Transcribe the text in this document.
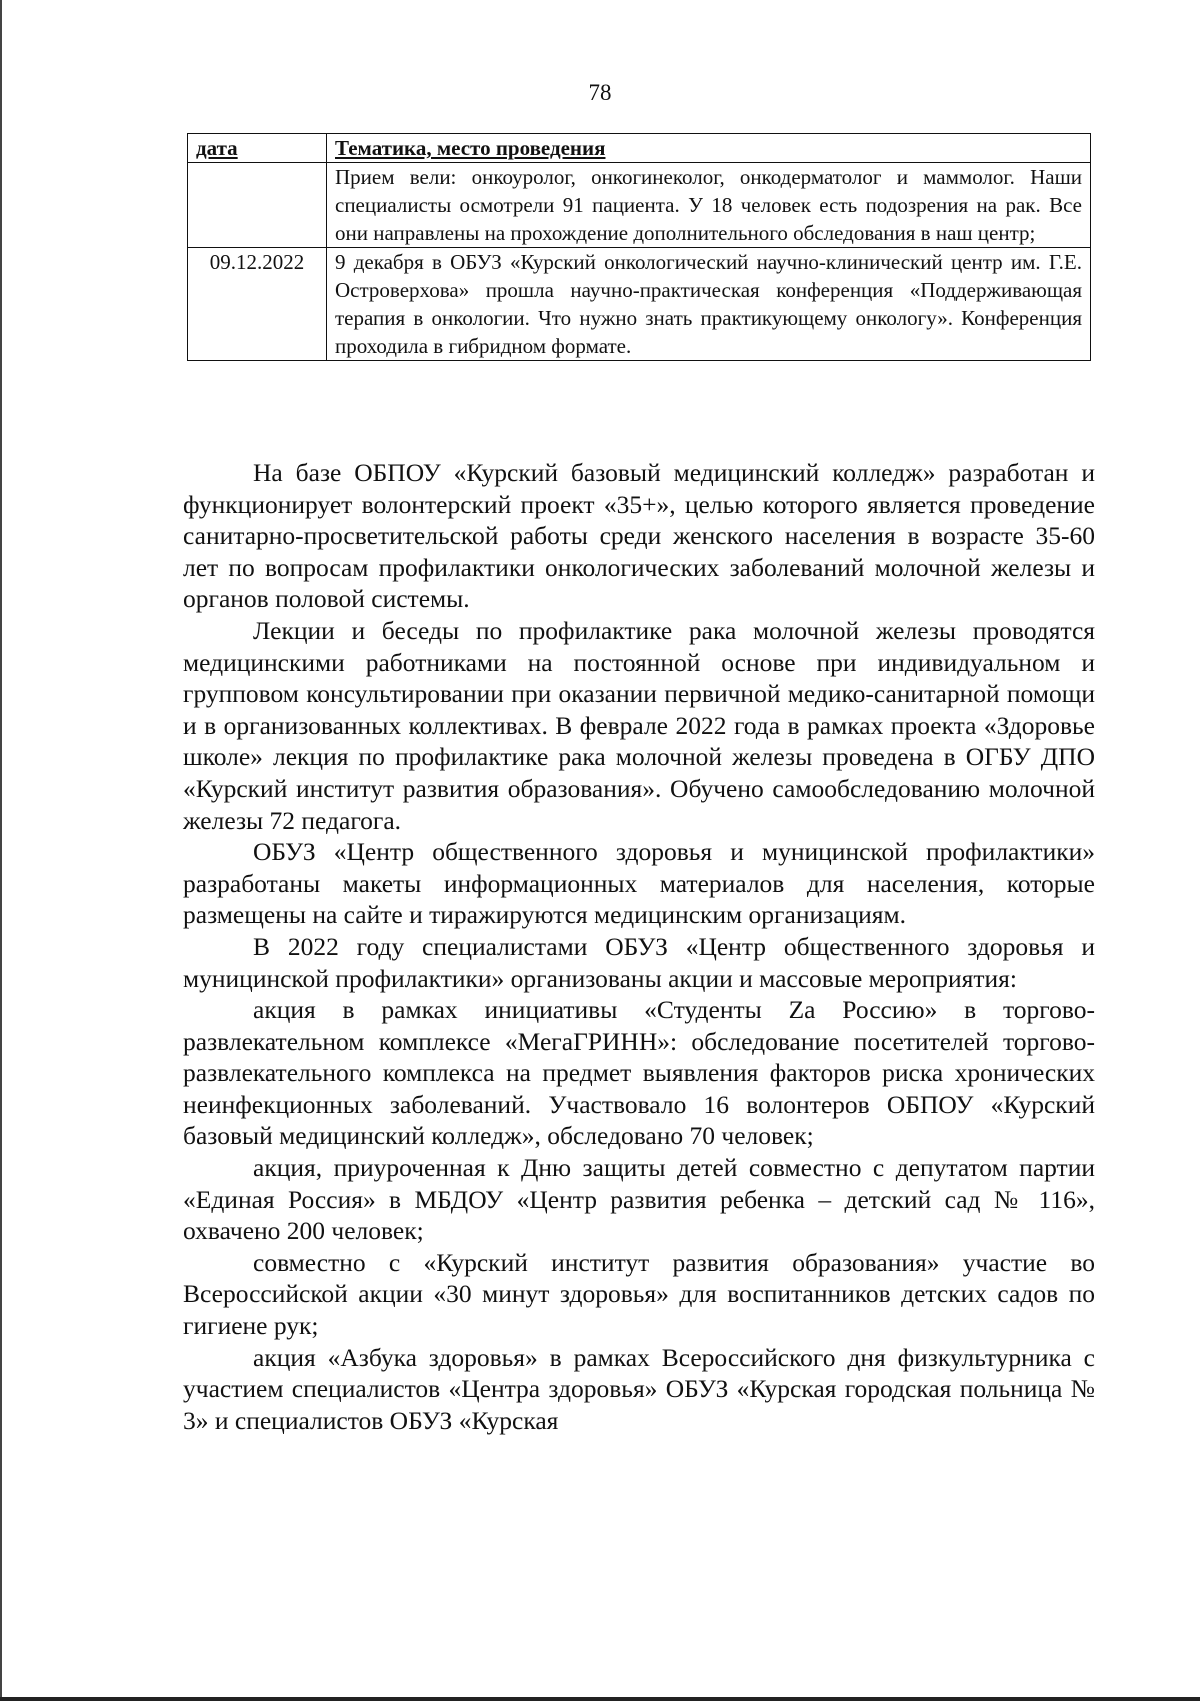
78
дата	Тематика, место проведения
	Прием вели: онкоуролог, онкогинеколог, онкодерматолог и маммолог. Наши специалисты осмотрели 91 пациента. У 18 человек есть подозрения на рак. Все они направлены на прохождение дополнительного обследования в наш центр;
09.12.2022	9 декабря в ОБУЗ «Курский онкологический научно-клинический центр им. Г.Е. Островерхова» прошла научно-практическая конференция «Поддерживающая терапия в онкологии. Что нужно знать практикующему онкологу». Конференция проходила в гибридном формате.

На базе ОБПОУ «Курский базовый медицинский колледж» разработан и функционирует волонтерский проект «35+», целью которого является проведение санитарно-просветительской работы среди женского населения в возрасте 35-60 лет по вопросам профилактики онкологических заболеваний молочной железы и органов половой системы.

Лекции и беседы по профилактике рака молочной железы проводятся медицинскими работниками на постоянной основе при индивидуальном и групповом консультировании при оказании первичной медико-санитарной помощи и в организованных коллективах. В феврале 2022 года в рамках проекта «Здоровье школе» лекция по профилактике рака молочной железы проведена в ОГБУ ДПО «Курский институт развития образования». Обучено самообследованию молочной железы 72 педагога.

ОБУЗ «Центр общественного здоровья и муницинской профилактики» разработаны макеты информационных материалов для населения, которые размещены на сайте и тиражируются медицинским организациям.

В 2022 году специалистами ОБУЗ «Центр общественного здоровья и муницинской профилактики» организованы акции и массовые мероприятия:

акция в рамках инициативы «Студенты Zа Россию» в торгово-развлекательном комплексе «МегаГРИНН»: обследование посетителей торгово-развлекательного комплекса на предмет выявления факторов риска хронических неинфекционных заболеваний. Участвовало 16 волонтеров ОБПОУ «Курский базовый медицинский колледж», обследовано 70 человек;

акция, приуроченная к Дню защиты детей совместно с депутатом партии «Единая Россия» в МБДОУ «Центр развития ребенка – детский сад № 116», охвачено 200 человек;

совместно с «Курский институт развития образования» участие во Всероссийской акции «30 минут здоровья» для воспитанников детских садов по гигиене рук;

акция «Азбука здоровья» в рамках Всероссийского дня физкультурника с участием специалистов «Центра здоровья» ОБУЗ «Курская городская польница № 3» и специалистов ОБУЗ «Курская
